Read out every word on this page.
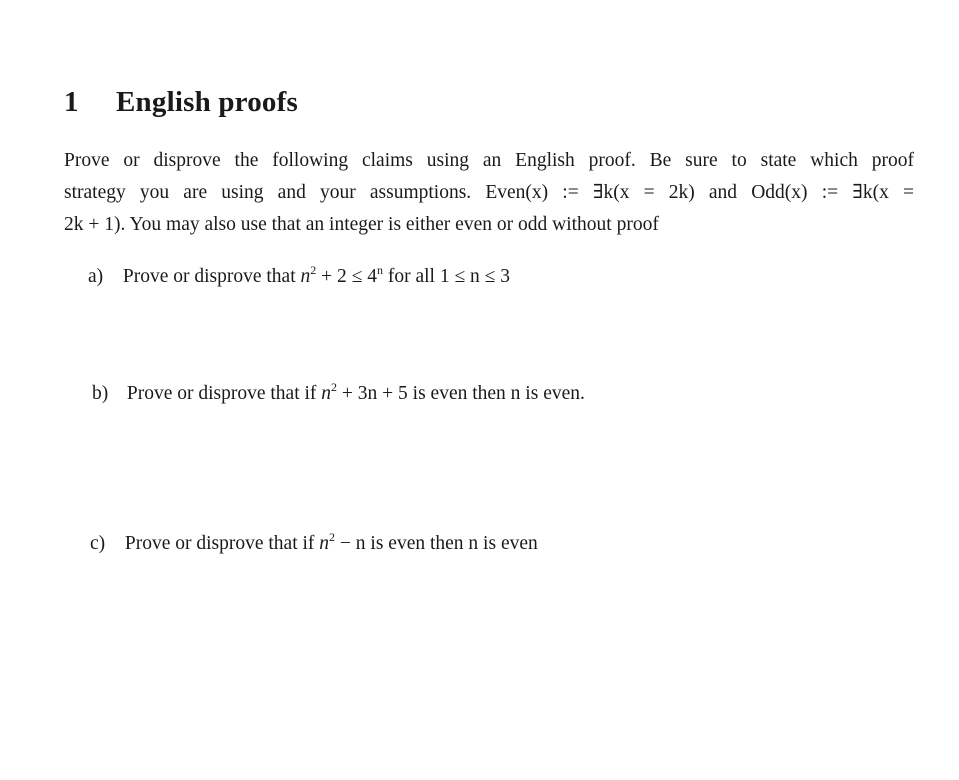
1 English proofs
Prove or disprove the following claims using an English proof. Be sure to state which proof
strategy you are using and your assumptions. Even(x) := ∃k(x = 2k) and Odd(x) := ∃k(x =
2k + 1). You may also use that an integer is either even or odd without proof
a) Prove or disprove that $n^2 + 2 \le 4^n$ for all 1 ≤ n ≤ 3
b) Prove or disprove that if $n^2 + 3n + 5$ is even then n is even.
c) Prove or disprove that if $n^2 - n$ is even then n is even
